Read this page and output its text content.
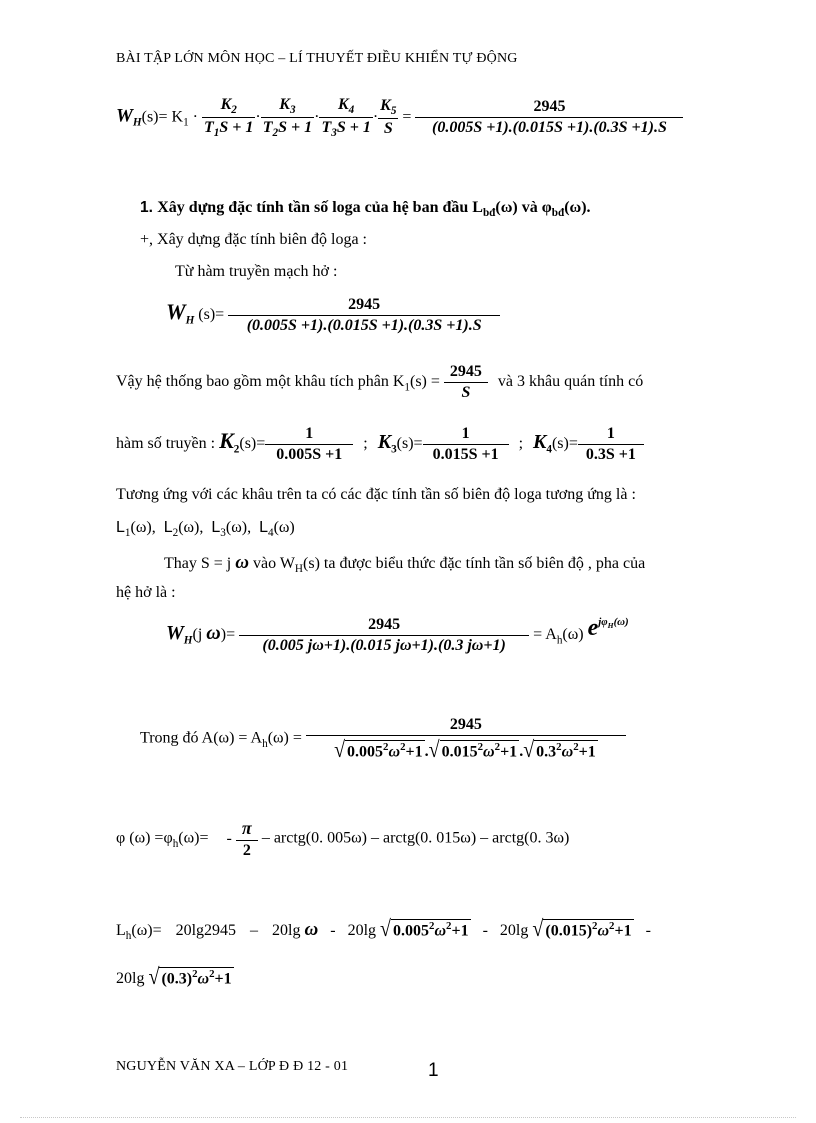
BÀI TẬP LỚN MÔN HỌC – LÍ THUYẾT ĐIỀU KHIỂN TỰ ĐỘNG
$W_H(s)= K_1 \cdot \frac{K_2}{T_1S + 1} \cdot \frac{K_3}{T_2S + 1} \cdot \frac{K_4}{T_3S + 1} \cdot \frac{K_5}{S} = \frac{2945}{(0.005S +1).(0.015S +1).(0.3S +1).S}$
1. Xây dựng đặc tính tần số loga của hệ ban đầu $L_{bđ}(\omega)$ và $\varphi_{bđ}(\omega)$.
+, Xây dựng đặc tính biên độ loga :
Từ hàm truyền mạch hở :
$W_H$ $(s)= \frac{2945}{(0.005S +1).(0.015S +1).(0.3S +1).S}$
Vậy hệ thống bao gồm một khâu tích phân $K_1(s) = \frac{2945}{S}$ và 3 khâu quán tính có
hàm số truyền : $K_2(s)= \frac{1}{0.005S +1}$ ; $K_3(s)= \frac{1}{0.015S +1}$ ; $K_4(s)= \frac{1}{0.3S +1}$
Tương ứng với các khâu trên ta có các đặc tính tần số biên độ loga tương ứng là :
$L_1(\omega)$, $L_2(\omega)$, $L_3(\omega)$, $L_4(\omega)$
Thay S = j ω vào $W_H(s)$ ta được biểu thức đặc tính tần số biên độ , pha của
hệ hở là :
$W_H(j$ $\omega)= \frac{2945}{(0.005 j\omega+1).(0.015 j\omega+1).(0.3 j\omega+1)} = A_h(\omega)$ $e^{j\varphi_H(\omega)}$
Trong đó $A(\omega) = A_h(\omega) = \frac{2945}{√ 0.005^2\omega^2+1 .√ 0.015^2\omega^2+1 .√ 0.3^2\omega^2+1}$
φ $(\omega) =\varphi_h(\omega)= - \frac{\pi}{2}$ – arctg(0. 005ω) – arctg(0. 015ω) – arctg(0. 3ω)
$L_h(\omega)= 20\lg 2945 - 20\lg$ ω - 20lg √ $0.005^2\omega^2+1 - 20\lg$ √ $(0.015)^2\omega^2+1$ -
20lg √ $(0.3)^2\omega^2+1$
NGUYỄN VĂN XA – LỚP Đ Đ 12 - 01	1
